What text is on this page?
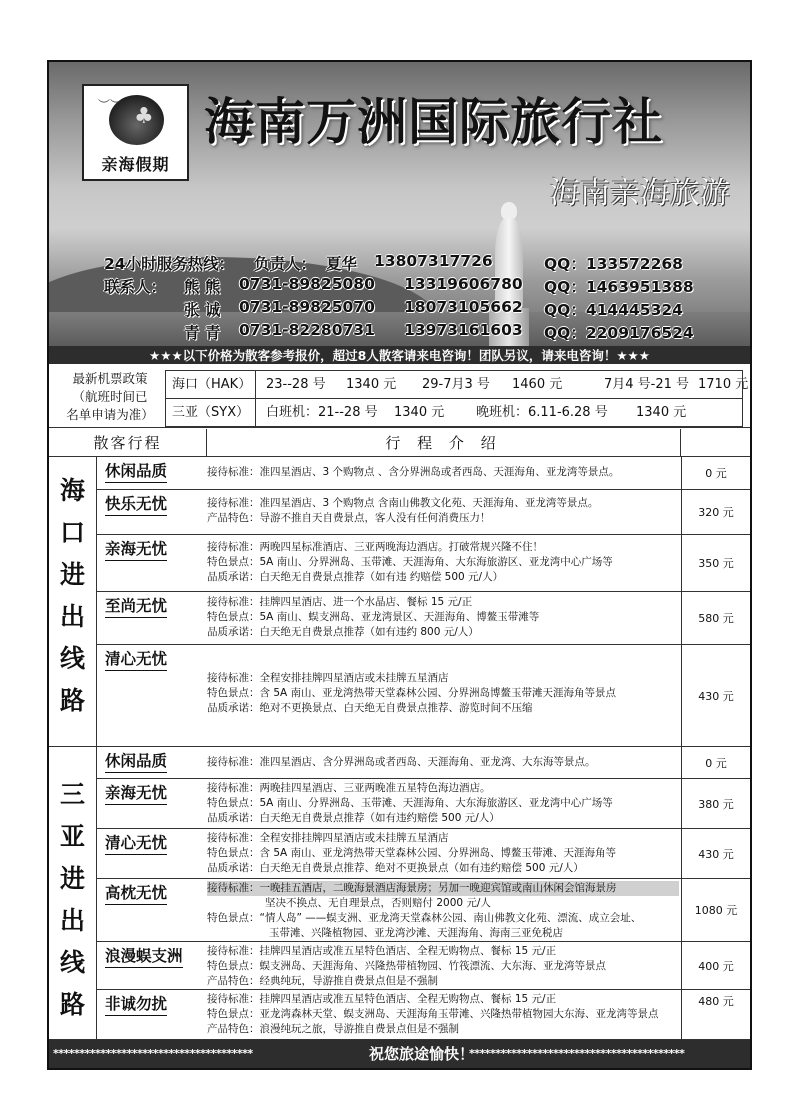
︶︶ ♣
亲海假期
海南万洲国际旅行社
海南亲海旅游
24小时服务热线： 负责人： 夏华 13807317726	QQ：133572268
联系人： 熊 熊 0731-89825080 13319606780 QQ：1463951388
张 诚 0731-89825070 18073105662 QQ：414445324
青 青 0731-82280731 13973161603 QQ：2209176524
★★★以下价格为散客参考报价，超过8人散客请来电咨询！团队另议，请来电咨询！★★★
最新机票政策
（航班时间已
名单申请为准）
海口（HAK）	23--28 号 1340 元 29-7月3 号 1460 元	7月4 号-21 号 1710 元
三亚（SYX）	白班机：21--28 号 1340 元 晚班机：6.11-6.28 号 1340 元
散客行程	行 程 介 绍
海
口
进
出
线
路
三
亚
进
出
线
路
休闲品质	接待标准：准四星酒店、3 个购物点 、含分界洲岛或者西岛、天涯海角、亚龙湾等景点。	0 元
快乐无忧	接待标准：准四星酒店、3 个购物点 含南山佛教文化苑、天涯海角、亚龙湾等景点。
产品特色：导游不推自天自费景点，客人没有任何消费压力！	320 元
亲海无忧	接待标准：两晚四星标准酒店、三亚两晚海边酒店。打破常规兴隆不住！
特色景点：5A 南山、分界洲岛、玉带滩、天涯海角、大东海旅游区、亚龙湾中心广场等
品质承诺：白天绝无自费景点推荐（如有违 约赔偿 500 元/人）
350 元
至尚无忧	接待标准：挂牌四星酒店、进一个水晶店、餐标 15 元/正
特色景点：5A 南山、蜈支洲岛、亚龙湾景区、天涯海角、博鳌玉带滩等
品质承诺：白天绝无自费景点推荐（如有违约 800 元/人）
580 元
清心无忧
接待标准：全程安排挂牌四星酒店或未挂牌五星酒店
特色景点：含 5A 南山、亚龙湾热带天堂森林公园、分界洲岛博鳌玉带滩天涯海角等景点
品质承诺：绝对不更换景点、白天绝无自费景点推荐、游览时间不压缩
430 元
休闲品质	接待标准：准四星酒店、含分界洲岛或者西岛、天涯海角、亚龙湾、大东海等景点。	0 元
亲海无忧	接待标准：两晚挂四星酒店、三亚两晚准五星特色海边酒店。
特色景点：5A 南山、分界洲岛、玉带滩、天涯海角、大东海旅游区、亚龙湾中心广场等
品质承诺：白天绝无自费景点推荐（如有违约赔偿 500 元/人）
380 元
清心无忧	接待标准：全程安排挂牌四星酒店或未挂牌五星酒店
特色景点：含 5A 南山、亚龙湾热带天堂森林公园、分界洲岛、博鳌玉带滩、天涯海角等
品质承诺：白天绝无自费景点推荐、绝对不更换景点（如有违约赔偿 500 元/人）
430 元
高枕无忧	接待标准：一晚挂五酒店，二晚海景酒店海景房；另加一晚迎宾馆或南山休闲会馆海景房
坚决不换点、无自理景点，否则赔付 2000 元/人
特色景点：“情人岛” ——蜈支洲、亚龙湾天堂森林公园、南山佛教文化苑、漂流、成立会址、
玉带滩、兴隆植物园、亚龙湾沙滩、天涯海角、海南三亚免税店
1080 元
浪漫蜈支洲 接待标准：挂牌四星酒店或准五星特色酒店、全程无购物点、餐标 15 元/正
特色景点：蜈支洲岛、天涯海角、兴隆热带植物园、竹筏漂流、大东海、亚龙湾等景点
产品特色：经典纯玩，导游推自费景点但是不强制
400 元
非诚勿扰	接待标准：挂牌四星酒店或准五星特色酒店、全程无购物点、餐标 15 元/正
特色景点：亚龙湾森林天堂、蜈支洲岛、天涯海角玉带滩、兴隆热带植物园大东海、亚龙湾等景点
产品特色：浪漫纯玩之旅，导游推自费景点但是不强制
480 元
**************************************	祝您旅途愉快！
*****************************************
